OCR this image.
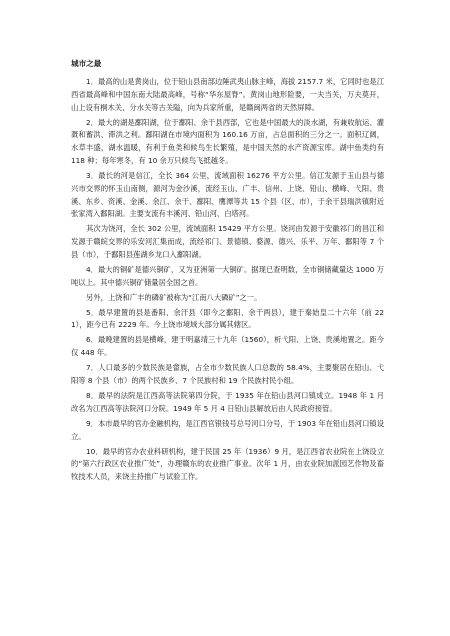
城市之最

1．最高的山是黄岗山，位于铅山县南部边陲武夷山脉主峰，海拔 2157.7 米，它同时也是江西省最高峰和中国东南大陆最高峰，号称“华东屋脊”。黄岗山地形险要，一夫当关，万夫莫开，山上设有桐木关、分水关等古关隘，向为兵家所重，是赣闽两省的天然屏障。

2．最大的湖是鄱阳湖，位于鄱阳、余干县西部，它也是中国最大的淡水湖，有兼收航运、灌溉和蓄洪、滞洪之利。鄱阳湖在市境内面积为 160.16 万亩，占总面积的三分之一。面积辽阔，水草丰盛，湖水温暖，有利于鱼类和候鸟生长繁殖，是中国天然的水产资源宝库。湖中鱼类约有 118 种；每年寒冬，有 10 余万只候鸟飞抵越冬。

3．最长的河是信江，全长 364 公里，流域面积 16276 平方公里。信江发源于玉山县与德兴市交界的怀玉山南侧，源河为金沙溪，流经玉山、广丰、信州、上饶、铅山、横峰、弋阳、贵溪、东乡、资溪、金溪、余江、余干、鄱阳、鹰潭等共 15 个县（区、市），于余干县瑞洪镇附近张家湾入鄱阳湖。主要支流有丰溪河、铅山河、白塔河。

其次为饶河，全长 302 公里，流域面积 15429 平方公里。饶河由发源于安徽祁门的昌江和发源于赣皖交界的乐安河汇集而成，流经祁门、景德镇、婺源、德兴、乐平、万年、鄱阳等 7 个县（市），于鄱阳县莲湖乡龙口入鄱阳湖。

4．最大的铜矿是德兴铜矿，又为亚洲第一大铜矿。据现已查明数，全市铜储藏量达 1000 万吨以上。其中德兴铜矿储量居全国之首。

另外，上饶和广丰的磷矿被称为“江南八大磷矿”之一。

5．最早建置的县是番阳、余汗县（即今之鄱阳、余干两县），建于秦始皇二十六年（前 221），距今已有 2229 年。今上饶市境域大部分属其辖区。

6．最晚建置的县是横峰，建于明嘉靖三十九年（1560），析弋阳、上饶、贵溪地置之。距今仅 448 年。

7．人口最多的少数民族是畲族，占全市少数民族人口总数的 58.4%，主要聚居在铅山、弋阳等 8 个县（市）的两个民族乡、7 个民族村和 19 个民族村民小组。

8．最早的法院是江西高等法院第四分院，于 1935 年在铅山县河口镇成立。1948 年 1 月改名为江西高等法院河口分院。1949 年 5 月 4 日铅山县解放后由人民政府接管。

9．本市最早的官办金融机构，是江西官银钱号总号河口分号，于 1903 年在铅山县河口镇设立。

10．最早的官办农业科研机构，建于民国 25 年（1936）9 月，是江西省农业院在上饶设立的“第六行政区农业推广处”，办理赣东的农业推广事业。次年 1 月，由农业院加派园艺作物及畜牧技术人员，来饶主持推广与试验工作。
